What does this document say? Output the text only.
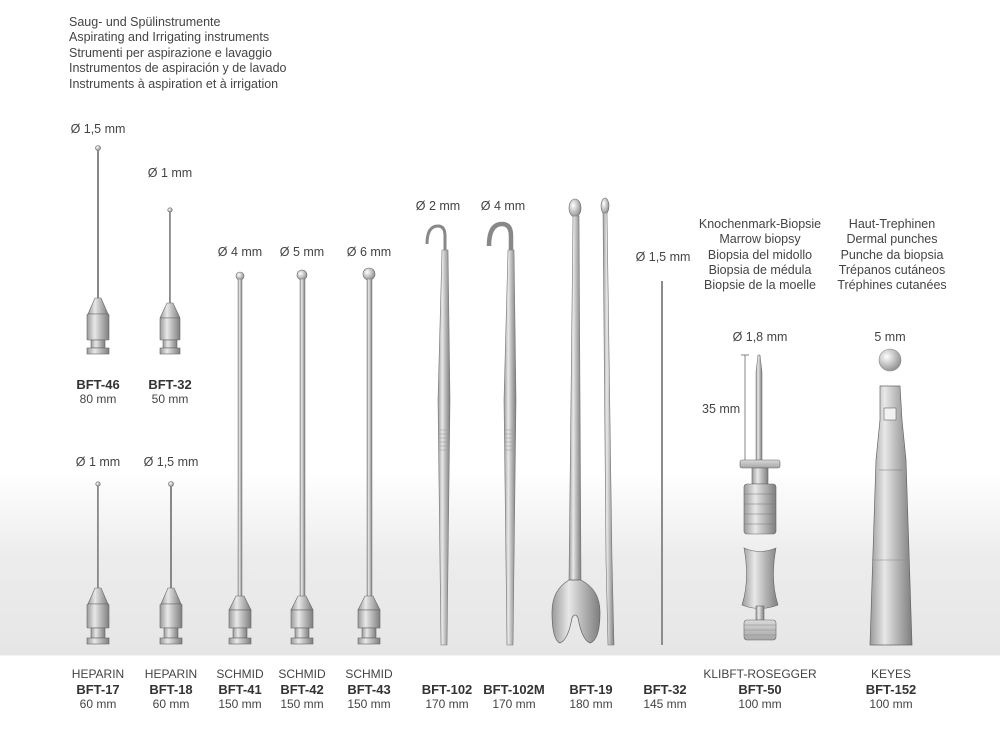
Saug- und Spülinstrumente
Aspirating and Irrigating instruments
Strumenti per aspirazione e lavaggio
Instrumentos de aspiración y de lavado
Instruments à aspiration et à irrigation
Ø 1,5 mm
Ø 1 mm
Ø 1 mm Ø 1,5 mm
Ø 4 mm Ø 5 mm Ø 6 mm
Ø 2 mm Ø 4 mm
Ø 1,5 mm
Ø 1,8 mm
35 mm
5 mm
Knochenmark-Biopsie
Marrow biopsy
Biopsia del midollo
Biopsia de médula
Biopsie de la moelle
Haut-Trephinen
Dermal punches
Punche da biopsia
Trépanos cutáneos
Tréphines cutanées
BFT-46
80 mm
BFT-32
50 mm
HEPARIN
BFT-17
60 mm
HEPARIN
BFT-18
60 mm
SCHMID
BFT-41
150 mm
SCHMID
BFT-42
150 mm
SCHMID
BFT-43
150 mm
BFT-102
170 mm
BFT-102M
170 mm
BFT-19
180 mm
BFT-32
145 mm
KLIBFT-ROSEGGER
BFT-50
100 mm
KEYES
BFT-152
100 mm
